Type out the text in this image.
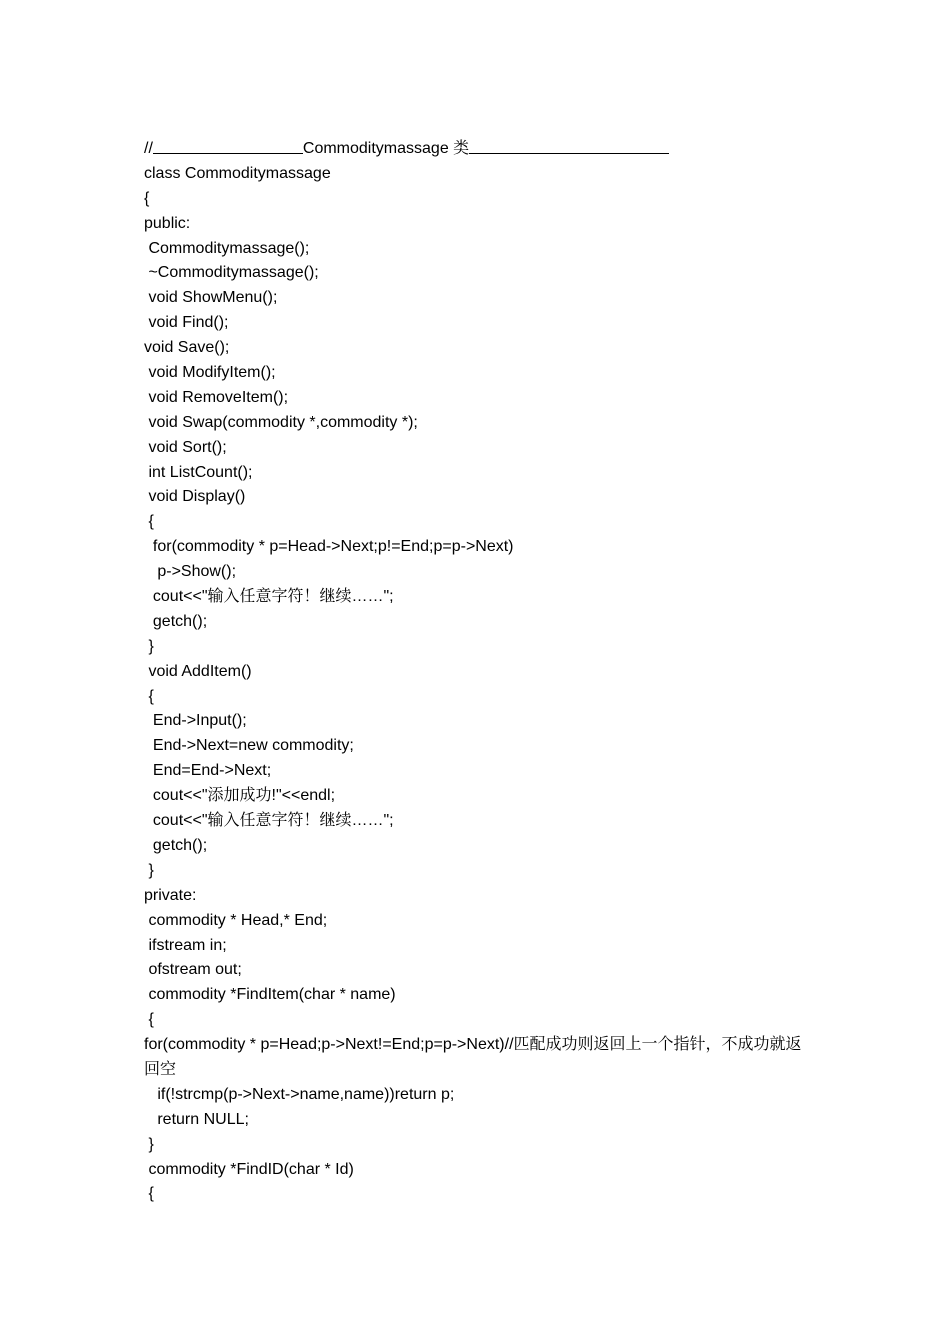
//	Commoditymassage 类
class Commoditymassage
{
public:
Commoditymassage();
~Commoditymassage();
void ShowMenu();
void Find();
void Save();
void ModifyItem();
void RemoveItem();
void Swap(commodity *,commodity *);
void Sort();
int ListCount();
void Display()
{
for(commodity * p=Head->Next;p!=End;p=p->Next)
p->Show();
cout<<"输入任意字符！继续……";
getch();
}
void AddItem()
{
End->Input();
End->Next=new commodity;
End=End->Next;
cout<<"添加成功!"<<endl;
cout<<"输入任意字符！继续……";
getch();
}
private:
commodity * Head,* End;
ifstream in;
ofstream out;
commodity *FindItem(char * name)
{
for(commodity * p=Head;p->Next!=End;p=p->Next)//匹配成功则返回上一个指针，不成功就返回空
if(!strcmp(p->Next->name,name))return p;
return NULL;
}
commodity *FindID(char * Id)
{
